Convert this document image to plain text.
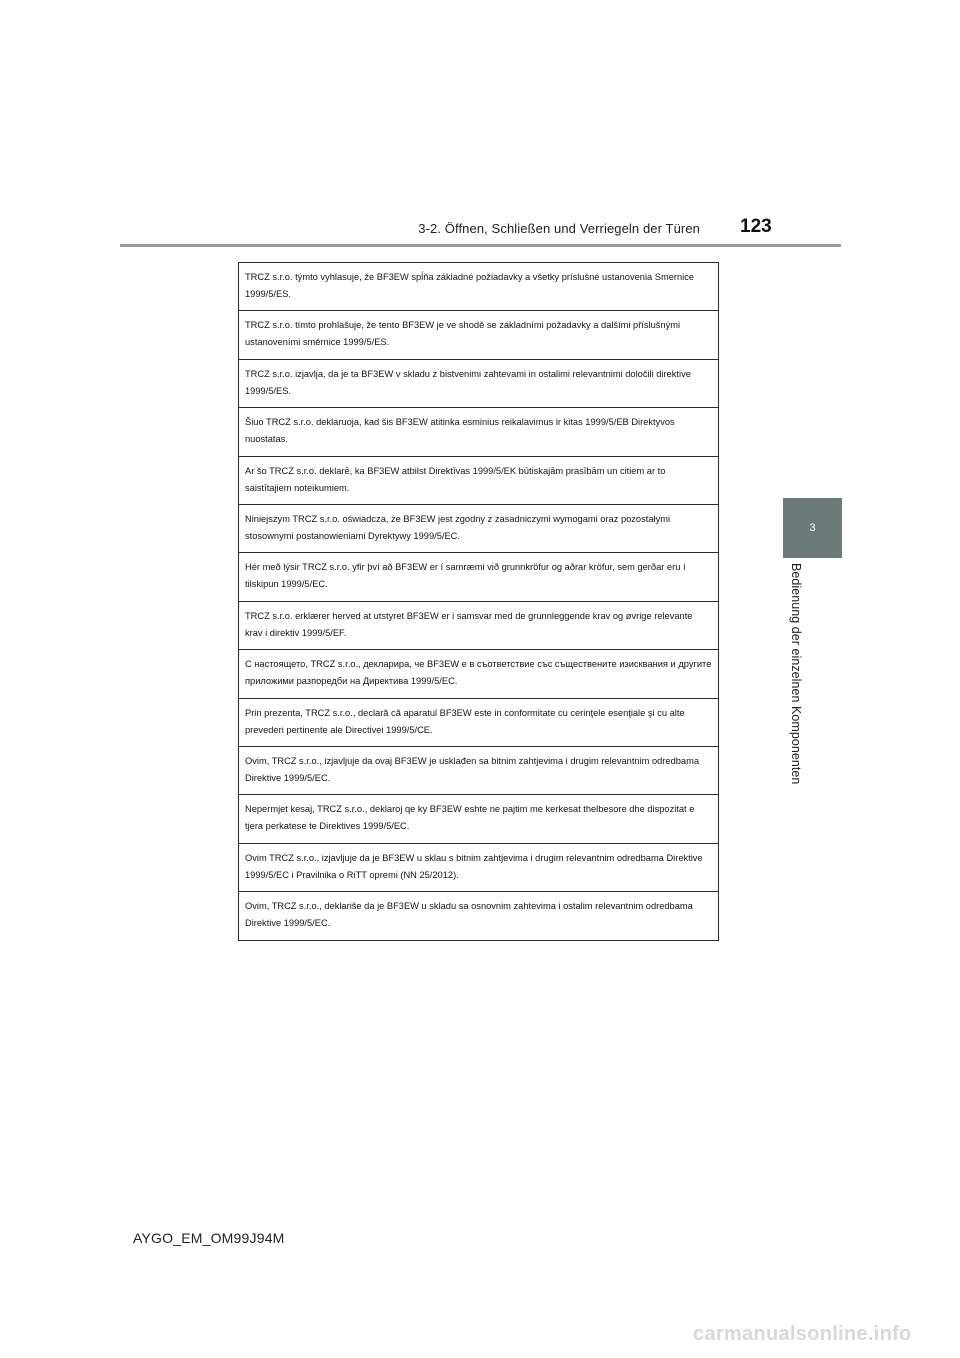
3-2. Öffnen, Schließen und Verriegeln der Türen 123
3
Bedienung der einzelnen Komponenten
TRCZ s.r.o. týmto vyhlasuje, že BF3EW spĺňa základné požiadavky a všetky príslušné ustanovenia Smernice 1999/5/ES.
TRCZ s.r.o. tímto prohlašuje, že tento BF3EW je ve shodě se základními požadavky a dalšími příslušnými ustanoveními směrnice 1999/5/ES.
TRCZ s.r.o. izjavlja, da je ta BF3EW v skladu z bistvenimi zahtevami in ostalimi relevantnimi določili direktive 1999/5/ES.
Šiuo TRCZ s.r.o. deklaruoja, kad šis BF3EW atitinka esminius reikalavimus ir kitas 1999/5/EB Direktyvos nuostatas.
Ar šo TRCZ s.r.o. deklarē, ka BF3EW atbilst Direktīvas 1999/5/EK būtiskajām prasībām un citiem ar to saistītajiem noteikumiem.
Niniejszym TRCZ s.r.o. oświadcza, że BF3EW jest zgodny z zasadniczymi wymogami oraz pozostałymi stosownymi postanowieniami Dyrektywy 1999/5/EC.
Hér með lýsir TRCZ s.r.o. yfir því að BF3EW er í samræmi við grunnkröfur og aðrar kröfur, sem gerðar eru í tilskipun 1999/5/EC.
TRCZ s.r.o. erklærer herved at utstyret BF3EW er i samsvar med de grunnleggende krav og øvrige relevante krav i direktiv 1999/5/EF.
С настоящето, TRCZ s.r.o., декларира, че BF3EW е в съответствие със съществените изисквания и другите приложими разпоредби на Директива 1999/5/EC.
Prin prezenta, TRCZ s.r.o., declară că aparatul BF3EW este in conformitate cu cerinţele esenţiale şi cu alte prevederi pertinente ale Directivei 1999/5/CE.
Ovim, TRCZ s.r.o., izjavljuje da ovaj BF3EW je usklađen sa bitnim zahtjevima i drugim relevantnim odredbama Direktive 1999/5/EC.
Nepermjet kesaj, TRCZ s.r.o., deklaroj qe ky BF3EW eshte ne pajtim me kerkesat thelbesore dhe dispozitat e tjera perkatese te Direktives 1999/5/EC.
Ovim TRCZ s.r.o., izjavljuje da je BF3EW u sklau s bitnim zahtjevima i drugim relevantnim odredbama Direktive 1999/5/EC i Pravilnika o RiTT opremi (NN 25/2012).
Ovim, TRCZ s.r.o., deklariše da je BF3EW u skladu sa osnovnim zahtevima i ostalim relevantnim odredbama Direktive 1999/5/EC.
AYGO_EM_OM99J94M
carmanualsonline.info
